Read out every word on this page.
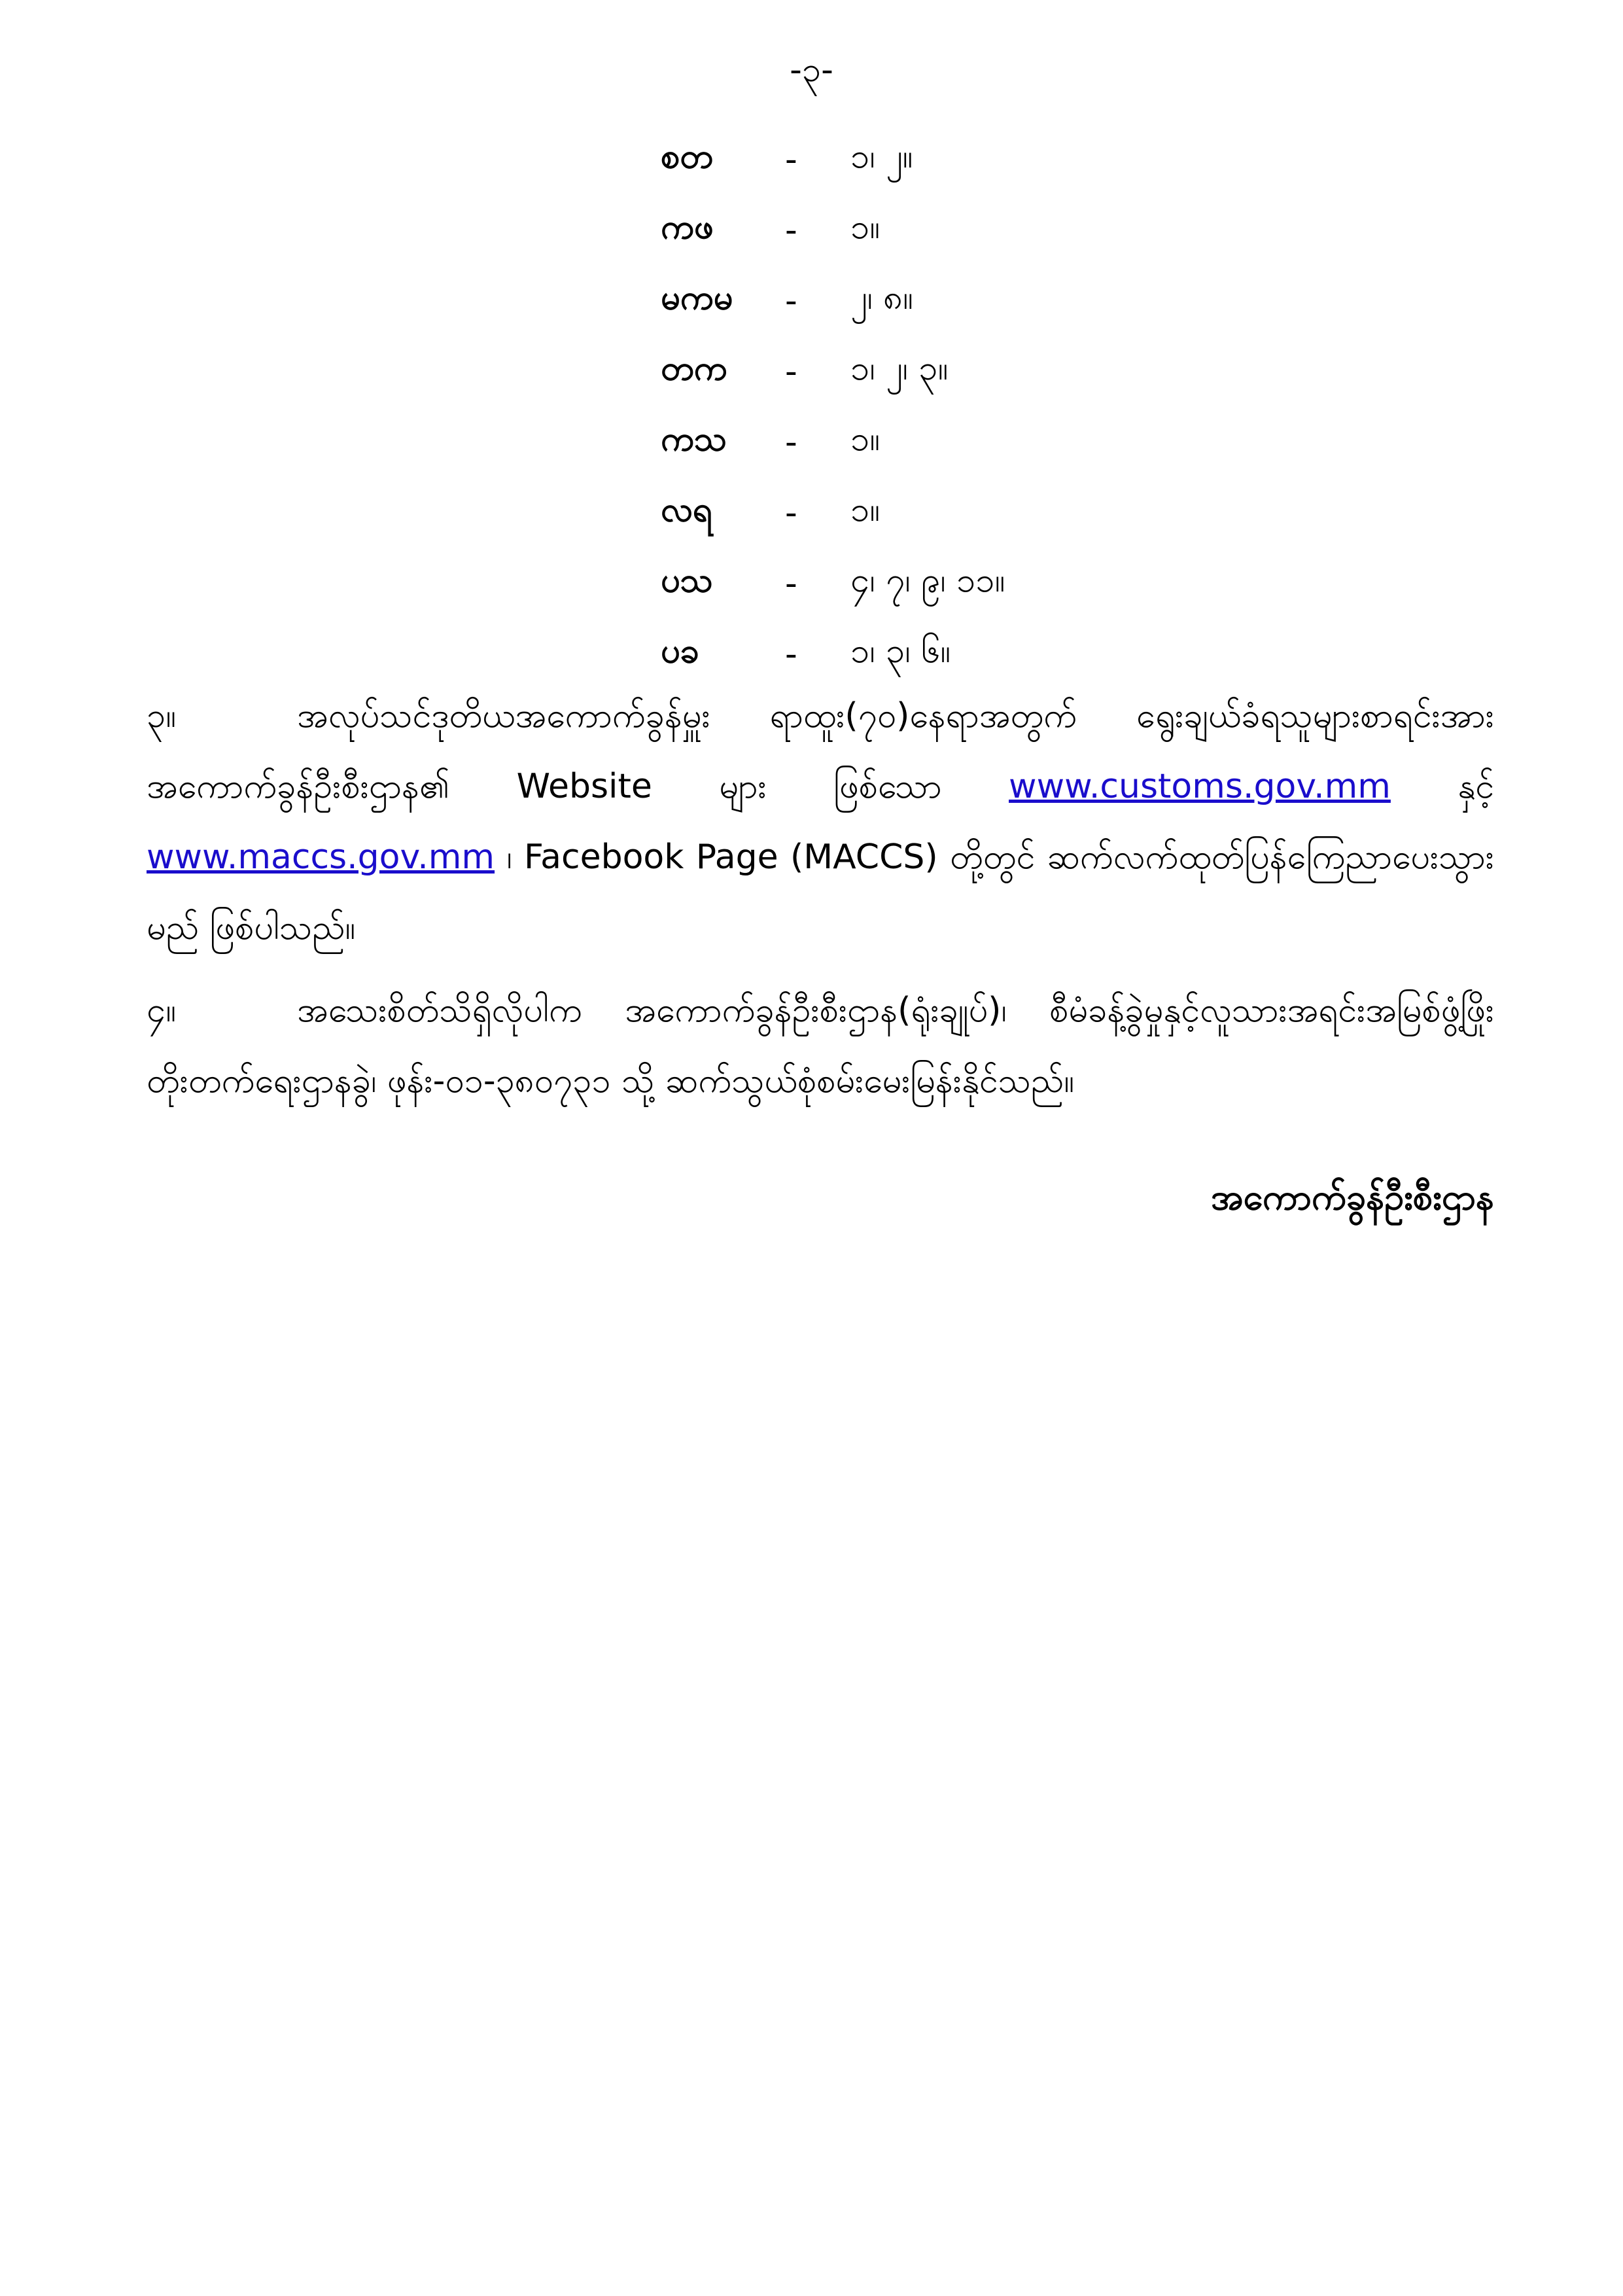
-၃-
စတ	-	၁၊ ၂။
ကဖ	-	၁။
မကမ	-	၂၊ ၈။
တက	-	၁၊ ၂၊ ၃။
ကသ	-	၁။
လရ	-	၁။
ပသ	-	၄၊ ၇၊ ၉၊ ၁၁။
ပခ	-	၁၊ ၃၊ ၆။
၃။	အလုပ်သင်ဒုတိယအကောက်ခွန်မှူး ရာထူး(၇၀)နေရာအတွက် ရွေးချယ်ခံရသူများစာရင်းအား အကောက်ခွန်ဦးစီးဌာန၏ Website များ ဖြစ်သော www.customs.gov.mm နှင့် www.maccs.gov.mm ၊ Facebook Page (MACCS) တို့တွင် ဆက်လက်ထုတ်ပြန်ကြေညာပေးသွားမည် ဖြစ်ပါသည်။
၄။	အသေးစိတ်သိရှိလိုပါက အကောက်ခွန်ဦးစီးဌာန(ရုံးချုပ်)၊ စီမံခန့်ခွဲမှုနှင့်လူသားအရင်းအမြစ်ဖွံ့ဖြိုးတိုးတက်ရေးဌာနခွဲ၊ ဖုန်း-၀၁-၃၈၀၇၃၁ သို့ ဆက်သွယ်စုံစမ်းမေးမြန်းနိုင်သည်။
အကောက်ခွန်ဦးစီးဌာန
